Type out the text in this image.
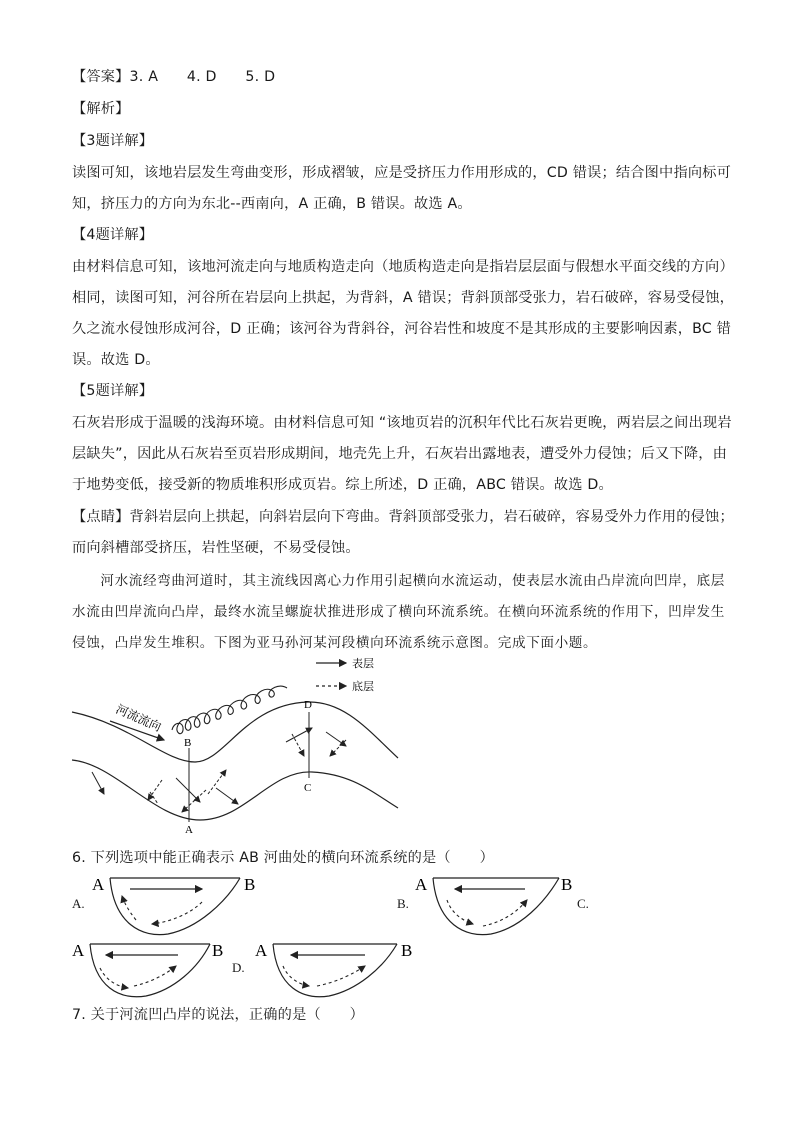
【答案】3. A　　4. D　　5. D
【解析】
【3题详解】
读图可知，该地岩层发生弯曲变形，形成褶皱，应是受挤压力作用形成的，CD 错误；结合图中指向标可
知，挤压力的方向为东北--西南向，A 正确，B 错误。故选 A。
【4题详解】
由材料信息可知，该地河流走向与地质构造走向（地质构造走向是指岩层层面与假想水平面交线的方向）
相同，读图可知，河谷所在岩层向上拱起，为背斜，A 错误；背斜顶部受张力，岩石破碎，容易受侵蚀，
久之流水侵蚀形成河谷，D 正确；该河谷为背斜谷，河谷岩性和坡度不是其形成的主要影响因素，BC 错
误。故选 D。
【5题详解】
石灰岩形成于温暖的浅海环境。由材料信息可知 “该地页岩的沉积年代比石灰岩更晚，两岩层之间出现岩
层缺失”，因此从石灰岩至页岩形成期间，地壳先上升，石灰岩出露地表，遭受外力侵蚀；后又下降，由
于地势变低，接受新的物质堆积形成页岩。综上所述，D 正确，ABC 错误。故选 D。
【点睛】背斜岩层向上拱起，向斜岩层向下弯曲。背斜顶部受张力，岩石破碎，容易受外力作用的侵蚀；
而向斜槽部受挤压，岩性坚硬，不易受侵蚀。
　　河水流经弯曲河道时，其主流线因离心力作用引起横向水流运动，使表层水流由凸岸流向凹岸，底层
水流由凹岸流向凸岸，最终水流呈螺旋状推进形成了横向环流系统。在横向环流系统的作用下，凹岸发生
侵蚀，凸岸发生堆积。下图为亚马孙河某河段横向环流系统示意图。完成下面小题。
表层
底层
河流流向
B
A
D
C
6. 下列选项中能正确表示 AB 河曲处的横向环流系统的是（　　）
A.
A	B
B.
A	B
C.
A	B
D.
A	B
7. 关于河流凹凸岸的说法，正确的是（　　）
